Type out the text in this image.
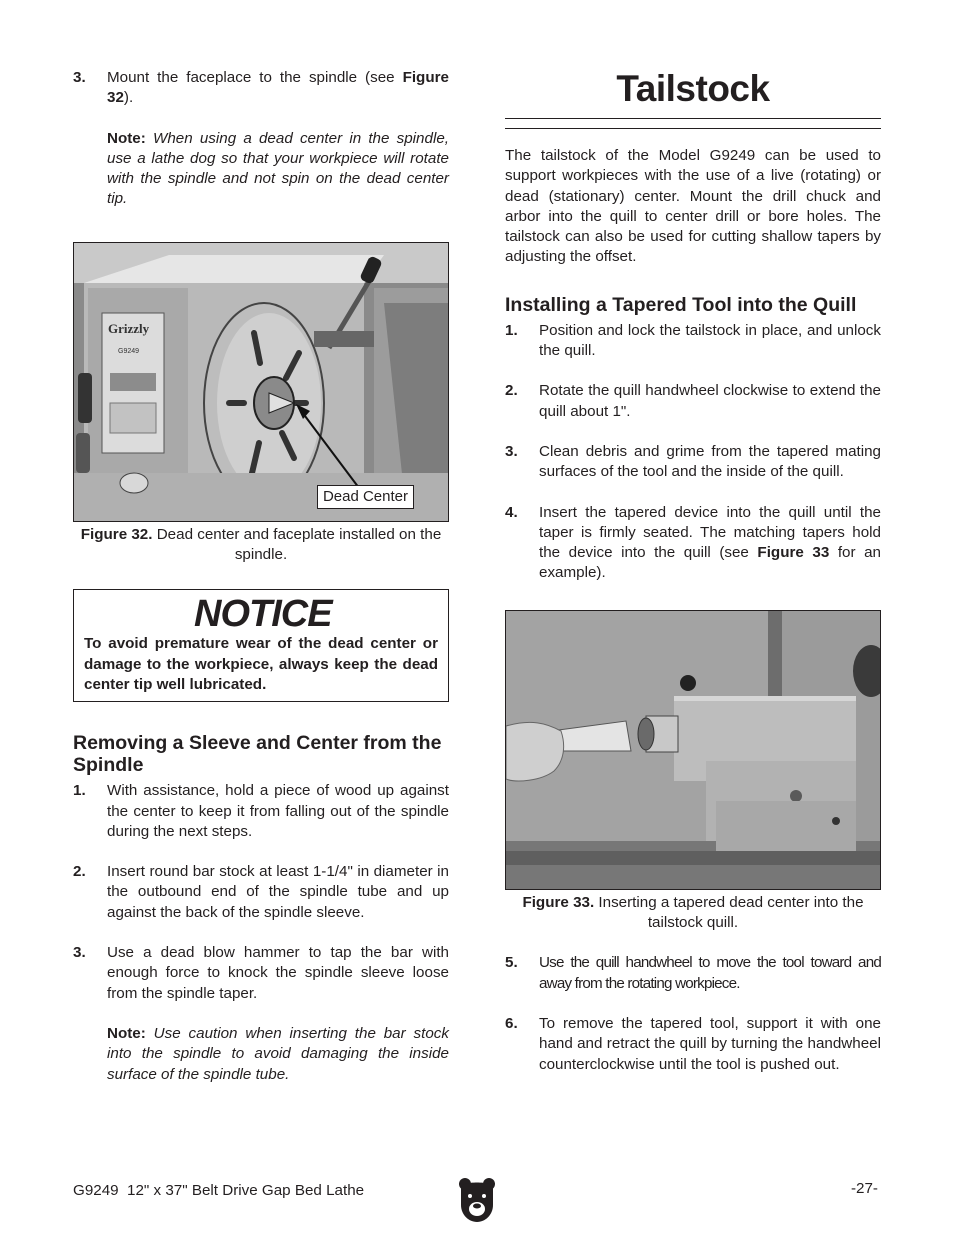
3. Mount the faceplace to the spindle (see Figure 32).
Note: When using a dead center in the spindle, use a lathe dog so that your workpiece will rotate with the spindle and not spin on the dead center tip.
Grizzly
G9249
Dead Center
Figure 32. Dead center and faceplate installed on the spindle.
NOTICE
To avoid premature wear of the dead center or damage to the workpiece, always keep the dead center tip well lubricated.
Removing a Sleeve and Center from the Spindle
1. With assistance, hold a piece of wood up against the center to keep it from falling out of the spindle during the next steps.
2. Insert round bar stock at least 1-1/4" in diameter in the outbound end of the spindle tube and up against the back of the spindle sleeve.
3. Use a dead blow hammer to tap the bar with enough force to knock the spindle sleeve loose from the spindle taper.
Note: Use caution when inserting the bar stock into the spindle to avoid damaging the inside surface of the spindle tube.
Tailstock
The tailstock of the Model G9249 can be used to support workpieces with the use of a live (rotating) or dead (stationary) center. Mount the drill chuck and arbor into the quill to center drill or bore holes. The tailstock can also be used for cutting shallow tapers by adjusting the offset.
Installing a Tapered Tool into the Quill
1. Position and lock the tailstock in place, and unlock the quill.
2. Rotate the quill handwheel clockwise to extend the quill about 1".
3. Clean debris and grime from the tapered mating surfaces of the tool and the inside of the quill.
4. Insert the tapered device into the quill until the taper is firmly seated. The matching tapers hold the device into the quill (see Figure 33 for an example).
Figure 33. Inserting a tapered dead center into the tailstock quill.
5. Use the quill handwheel to move the tool toward and away from the rotating workpiece.
6. To remove the tapered tool, support it with one hand and retract the quill by turning the handwheel counterclockwise until the tool is pushed out.
G9249  12" x 37" Belt Drive Gap Bed Lathe	-27-
